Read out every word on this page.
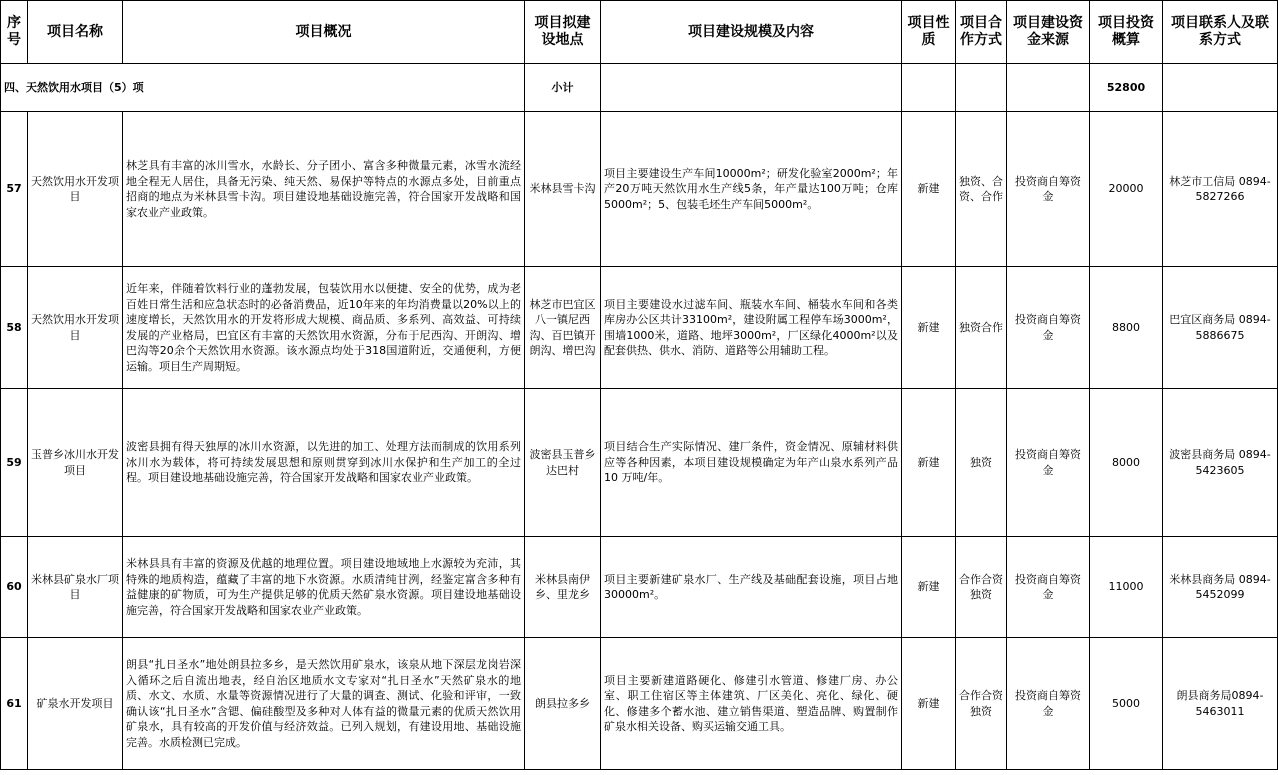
序号	项目名称	项目概况	项目拟建设地点	项目建设规模及内容	项目性质	项目合作方式	项目建设资金来源	项目投资概算	项目联系人及联系方式
四、天然饮用水项目（5）项			小计					52800	
57	天然饮用水开发项目	林芝具有丰富的冰川雪水，水龄长、分子团小、富含多种微量元素，冰雪水流经地全程无人居住，具备无污染、纯天然、易保护等特点的水源点多处，目前重点招商的地点为米林县雪卡沟。项目建设地基础设施完善，符合国家开发战略和国家农业产业政策。	米林县雪卡沟	项目主要建设生产车间10000m²；研发化验室2000m²；年产20万吨天然饮用水生产线5条，年产量达100万吨；仓库5000m²；5、包装毛坯生产车间5000m²。	新建	独资、合资、合作	投资商自筹资金	20000	林芝市工信局 0894-5827266
58	天然饮用水开发项目	近年来，伴随着饮料行业的蓬勃发展，包装饮用水以便捷、安全的优势，成为老百姓日常生活和应急状态时的必备消费品，近10年来的年均消费量以20%以上的速度增长，天然饮用水的开发将形成大规模、商品质、多系列、高效益、可持续发展的产业格局，巴宜区有丰富的天然饮用水资源，分布于尼西沟、开朗沟、增巴沟等20余个天然饮用水资源。该水源点均处于318国道附近，交通便利，方便运输。项目生产周期短。	林芝市巴宜区八一镇尼西沟、百巴镇开朗沟、增巴沟	项目主要建设水过滤车间、瓶装水车间、桶装水车间和各类库房办公区共计33100m²，建设附属工程停车场3000m²，围墙1000米，道路、地坪3000m²，厂区绿化4000m²以及配套供热、供水、消防、道路等公用辅助工程。	新建	独资合作	投资商自筹资金	8800	巴宜区商务局 0894-5886675
59	玉普乡冰川水开发项目	波密县拥有得天独厚的冰川水资源，以先进的加工、处理方法而制成的饮用系列冰川水为载体，将可持续发展思想和原则贯穿到冰川水保护和生产加工的全过程。项目建设地基础设施完善，符合国家开发战略和国家农业产业政策。	波密县玉普乡达巴村	项目结合生产实际情况、建厂条件，资金情况、原辅材料供应等各种因素，本项目建设规模确定为年产山泉水系列产品10 万吨/年。	新建	独资	投资商自筹资金	8000	波密县商务局 0894-5423605
60	米林县矿泉水厂项目	米林县具有丰富的资源及优越的地理位置。项目建设地域地上水源较为充沛，其特殊的地质构造，蕴藏了丰富的地下水资源。水质清纯甘洌，经鉴定富含多种有益健康的矿物质，可为生产提供足够的优质天然矿泉水资源。项目建设地基础设施完善，符合国家开发战略和国家农业产业政策。	米林县南伊乡、里龙乡	项目主要新建矿泉水厂、生产线及基础配套设施，项目占地30000m²。	新建	合作合资独资	投资商自筹资金	11000	米林县商务局 0894-5452099
61	矿泉水开发项目	朗县“扎日圣水”地处朗县拉多乡，是天然饮用矿泉水，该泉从地下深层龙岗岩深入循环之后自流出地表，经自治区地质水文专家对“扎日圣水”天然矿泉水的地质、水文、水质、水量等资源情况进行了大量的调查、测试、化验和评审，一致确认该“扎日圣水”含锶、偏硅酸型及多种对人体有益的微量元素的优质天然饮用矿泉水，具有较高的开发价值与经济效益。已列入规划，有建设用地、基础设施完善。水质检测已完成。	朗县拉多乡	项目主要新建道路硬化、修建引水管道、修建厂房、办公室、职工住宿区等主体建筑、厂区美化、亮化、绿化、硬化、修建多个蓄水池、建立销售渠道、塑造品牌、购置制作矿泉水相关设备、购买运输交通工具。	新建	合作合资独资	投资商自筹资金	5000	朗县商务局0894-5463011
